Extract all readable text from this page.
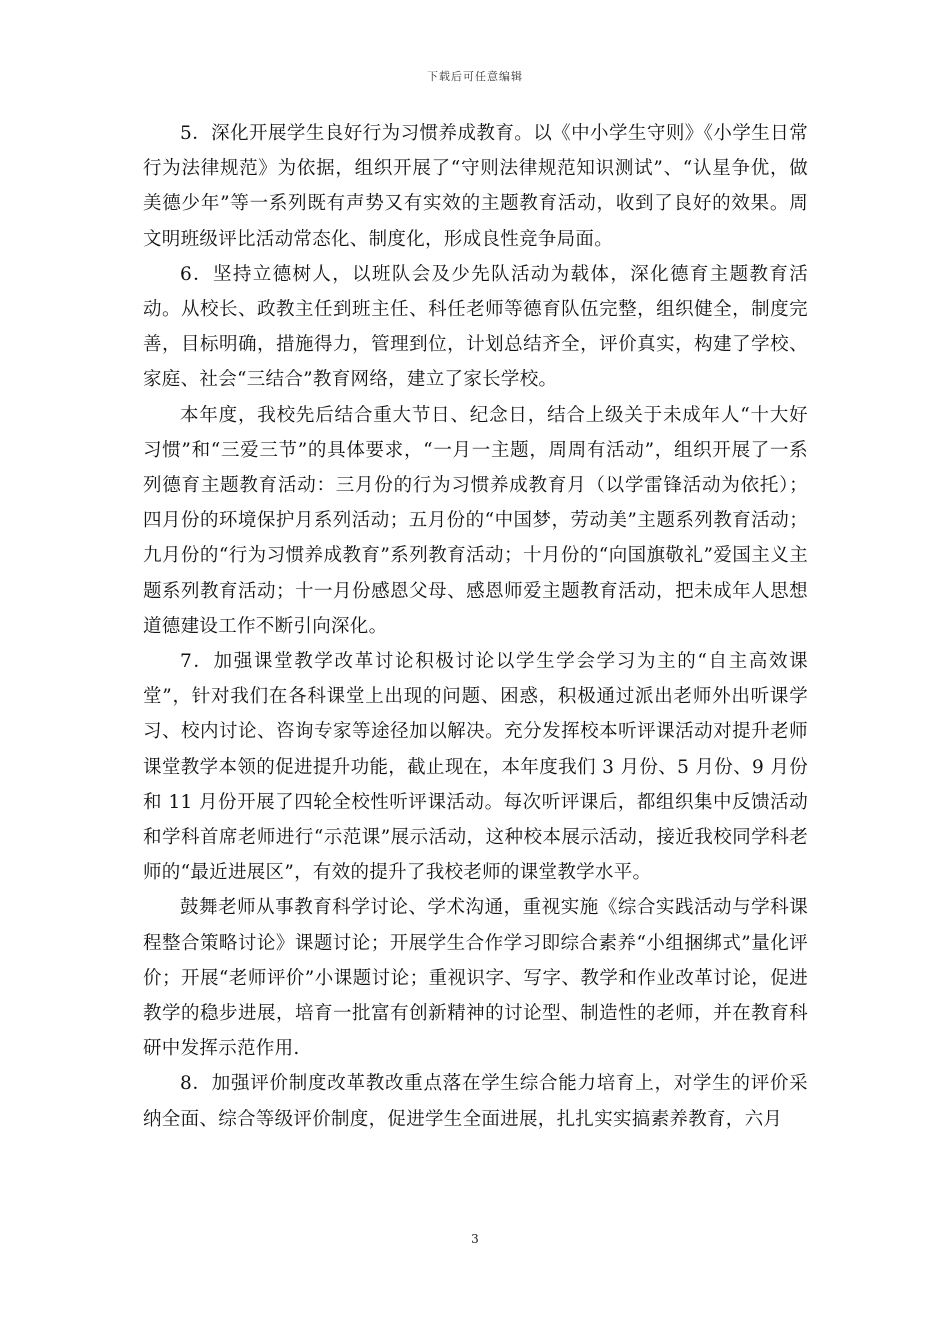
下载后可任意编辑

5．深化开展学生良好行为习惯养成教育。以《中小学生守则》《小学生日常行为法律规范》为依据，组织开展了“守则法律规范知识测试”、“认星争优，做美德少年”等一系列既有声势又有实效的主题教育活动，收到了良好的效果。周文明班级评比活动常态化、制度化，形成良性竞争局面。

6．坚持立德树人，以班队会及少先队活动为载体，深化德育主题教育活动。从校长、政教主任到班主任、科任老师等德育队伍完整，组织健全，制度完善，目标明确，措施得力，管理到位，计划总结齐全，评价真实，构建了学校、家庭、社会“三结合”教育网络，建立了家长学校。

本年度，我校先后结合重大节日、纪念日，结合上级关于未成年人“十大好习惯”和“三爱三节”的具体要求，“一月一主题，周周有活动”，组织开展了一系列德育主题教育活动：三月份的行为习惯养成教育月（以学雷锋活动为依托）；四月份的环境保护月系列活动；五月份的“中国梦，劳动美”主题系列教育活动；九月份的“行为习惯养成教育”系列教育活动；十月份的“向国旗敬礼”爱国主义主题系列教育活动；十一月份感恩父母、感恩师爱主题教育活动，把未成年人思想道德建设工作不断引向深化。

7．加强课堂教学改革讨论积极讨论以学生学会学习为主的“自主高效课堂”，针对我们在各科课堂上出现的问题、困惑，积极通过派出老师外出听课学习、校内讨论、咨询专家等途径加以解决。充分发挥校本听评课活动对提升老师课堂教学本领的促进提升功能，截止现在，本年度我们 3 月份、5 月份、9 月份和 11 月份开展了四轮全校性听评课活动。每次听评课后，都组织集中反馈活动和学科首席老师进行“示范课”展示活动，这种校本展示活动，接近我校同学科老师的“最近进展区”，有效的提升了我校老师的课堂教学水平。

鼓舞老师从事教育科学讨论、学术沟通，重视实施《综合实践活动与学科课程整合策略讨论》课题讨论；开展学生合作学习即综合素养“小组捆绑式”量化评价；开展“老师评价”小课题讨论；重视识字、写字、教学和作业改革讨论，促进教学的稳步进展，培育一批富有创新精神的讨论型、制造性的老师，并在教育科研中发挥示范作用.

8．加强评价制度改革教改重点落在学生综合能力培育上，对学生的评价采纳全面、综合等级评价制度，促进学生全面进展，扎扎实实搞素养教育，六月

3
